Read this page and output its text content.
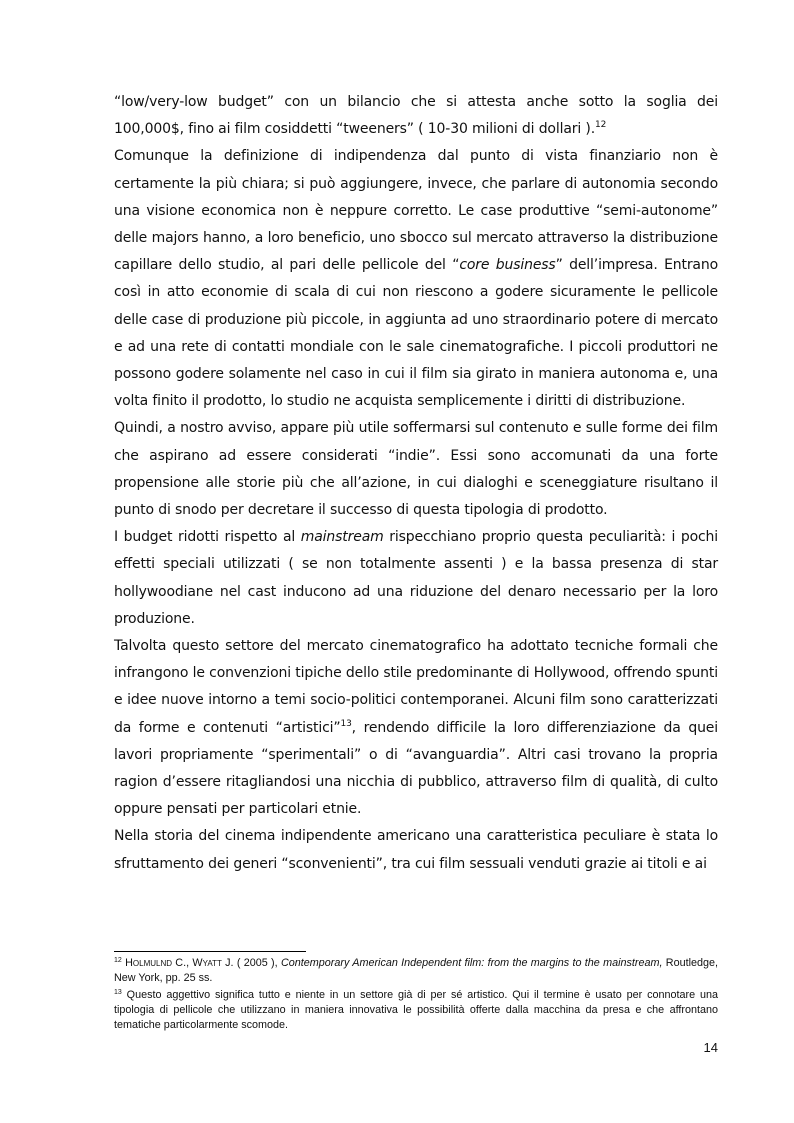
“low/very-low budget” con un bilancio che si attesta anche sotto la soglia dei 100,000$, fino ai film cosiddetti “tweeners” ( 10-30 milioni di dollari ).$^{12}$

Comunque la definizione di indipendenza dal punto di vista finanziario non è certamente la più chiara; si può aggiungere, invece, che parlare di autonomia secondo una visione economica non è neppure corretto. Le case produttive “semi-autonome” delle majors hanno, a loro beneficio, uno sbocco sul mercato attraverso la distribuzione capillare dello studio, al pari delle pellicole del “core business” dell’impresa. Entrano così in atto economie di scala di cui non riescono a godere sicuramente le pellicole delle case di produzione più piccole, in aggiunta ad uno straordinario potere di mercato e ad una rete di contatti mondiale con le sale cinematografiche. I piccoli produttori ne possono godere solamente nel caso in cui il film sia girato in maniera autonoma e, una volta finito il prodotto, lo studio ne acquista semplicemente i diritti di distribuzione.

Quindi, a nostro avviso, appare più utile soffermarsi sul contenuto e sulle forme dei film che aspirano ad essere considerati “indie”. Essi sono accomunati da una forte propensione alle storie più che all’azione, in cui dialoghi e sceneggiature risultano il punto di snodo per decretare il successo di questa tipologia di prodotto.

I budget ridotti rispetto al mainstream rispecchiano proprio questa peculiarità: i pochi effetti speciali utilizzati ( se non totalmente assenti ) e la bassa presenza di star hollywoodiane nel cast inducono ad una riduzione del denaro necessario per la loro produzione.

Talvolta questo settore del mercato cinematografico ha adottato tecniche formali che infrangono le convenzioni tipiche dello stile predominante di Hollywood, offrendo spunti e idee nuove intorno a temi socio-politici contemporanei. Alcuni film sono caratterizzati da forme e contenuti “artistici”$^{13}$, rendendo difficile la loro differenziazione da quei lavori propriamente “sperimentali” o di “avanguardia”. Altri casi trovano la propria ragion d’essere ritagliandosi una nicchia di pubblico, attraverso film di qualità, di culto oppure pensati per particolari etnie.

Nella storia del cinema indipendente americano una caratteristica peculiare è stata lo sfruttamento dei generi “sconvenienti”, tra cui film sessuali venduti grazie ai titoli e ai

$^{12}$ Holmulnd C., Wyatt J. ( 2005 ), Contemporary American Independent film: from the margins to the mainstream, Routledge, New York, pp. 25 ss.

$^{13}$ Questo aggettivo significa tutto e niente in un settore già di per sé artistico. Qui il termine è usato per connotare una tipologia di pellicole che utilizzano in maniera innovativa le possibilità offerte dalla macchina da presa e che affrontano tematiche particolarmente scomode.

14
